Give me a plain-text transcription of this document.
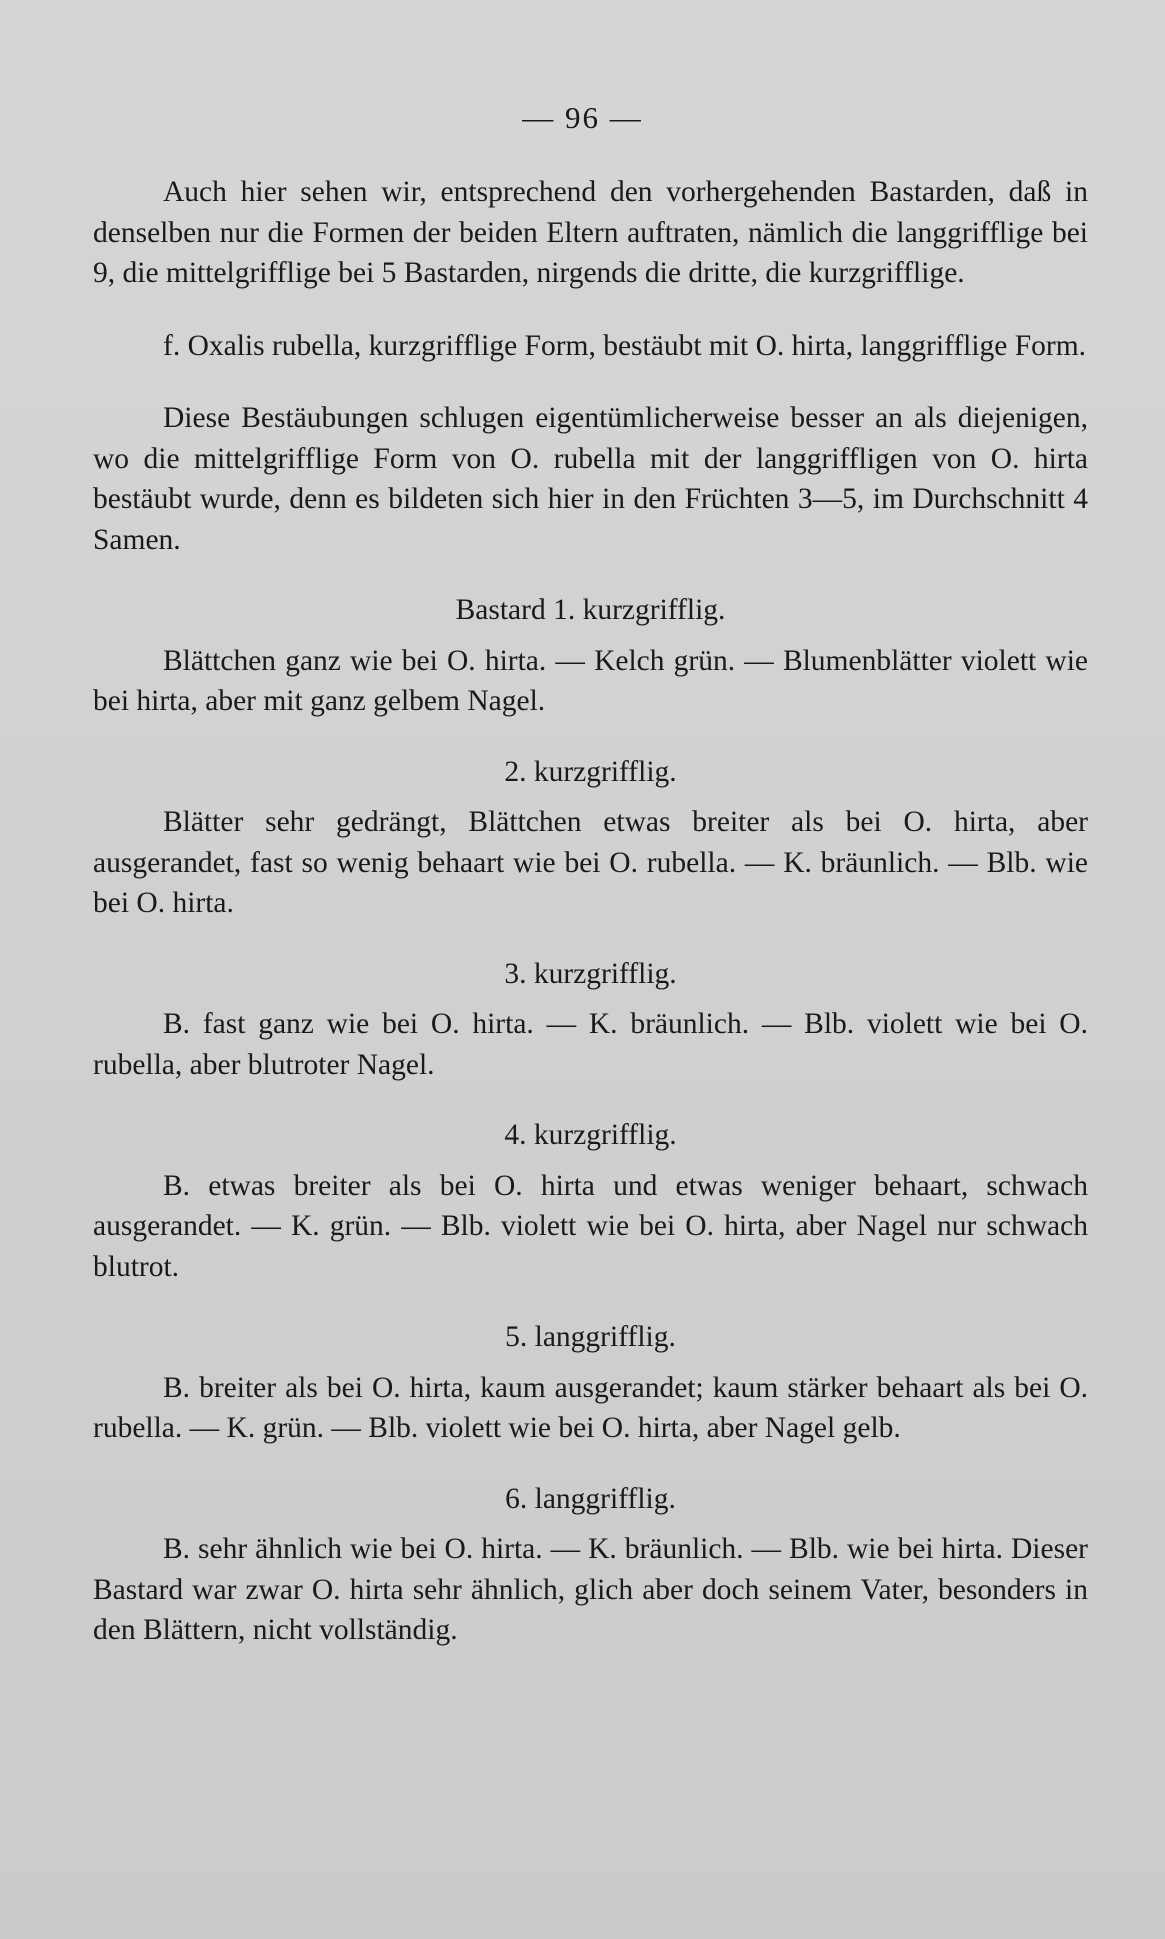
— 96 —

Auch hier sehen wir, entsprechend den vorhergehenden Bastarden, daß in denselben nur die Formen der beiden Eltern auftraten, nämlich die langgrifflige bei 9, die mittelgrifflige bei 5 Bastarden, nirgends die dritte, die kurzgrifflige.

f. Oxalis rubella, kurzgrifflige Form, bestäubt mit O. hirta, langgrifflige Form.

Diese Bestäubungen schlugen eigentümlicherweise besser an als diejenigen, wo die mittelgrifflige Form von O. rubella mit der langgriffligen von O. hirta bestäubt wurde, denn es bildeten sich hier in den Früchten 3—5, im Durchschnitt 4 Samen.

Bastard 1. kurzgrifflig.

Blättchen ganz wie bei O. hirta. — Kelch grün. — Blumenblätter violett wie bei hirta, aber mit ganz gelbem Nagel.

2. kurzgrifflig.

Blätter sehr gedrängt, Blättchen etwas breiter als bei O. hirta, aber ausgerandet, fast so wenig behaart wie bei O. rubella. — K. bräunlich. — Blb. wie bei O. hirta.

3. kurzgrifflig.

B. fast ganz wie bei O. hirta. — K. bräunlich. — Blb. violett wie bei O. rubella, aber blutroter Nagel.

4. kurzgrifflig.

B. etwas breiter als bei O. hirta und etwas weniger behaart, schwach ausgerandet. — K. grün. — Blb. violett wie bei O. hirta, aber Nagel nur schwach blutrot.

5. langgrifflig.

B. breiter als bei O. hirta, kaum ausgerandet; kaum stärker behaart als bei O. rubella. — K. grün. — Blb. violett wie bei O. hirta, aber Nagel gelb.

6. langgrifflig.

B. sehr ähnlich wie bei O. hirta. — K. bräunlich. — Blb. wie bei hirta. Dieser Bastard war zwar O. hirta sehr ähnlich, glich aber doch seinem Vater, besonders in den Blättern, nicht vollständig.
